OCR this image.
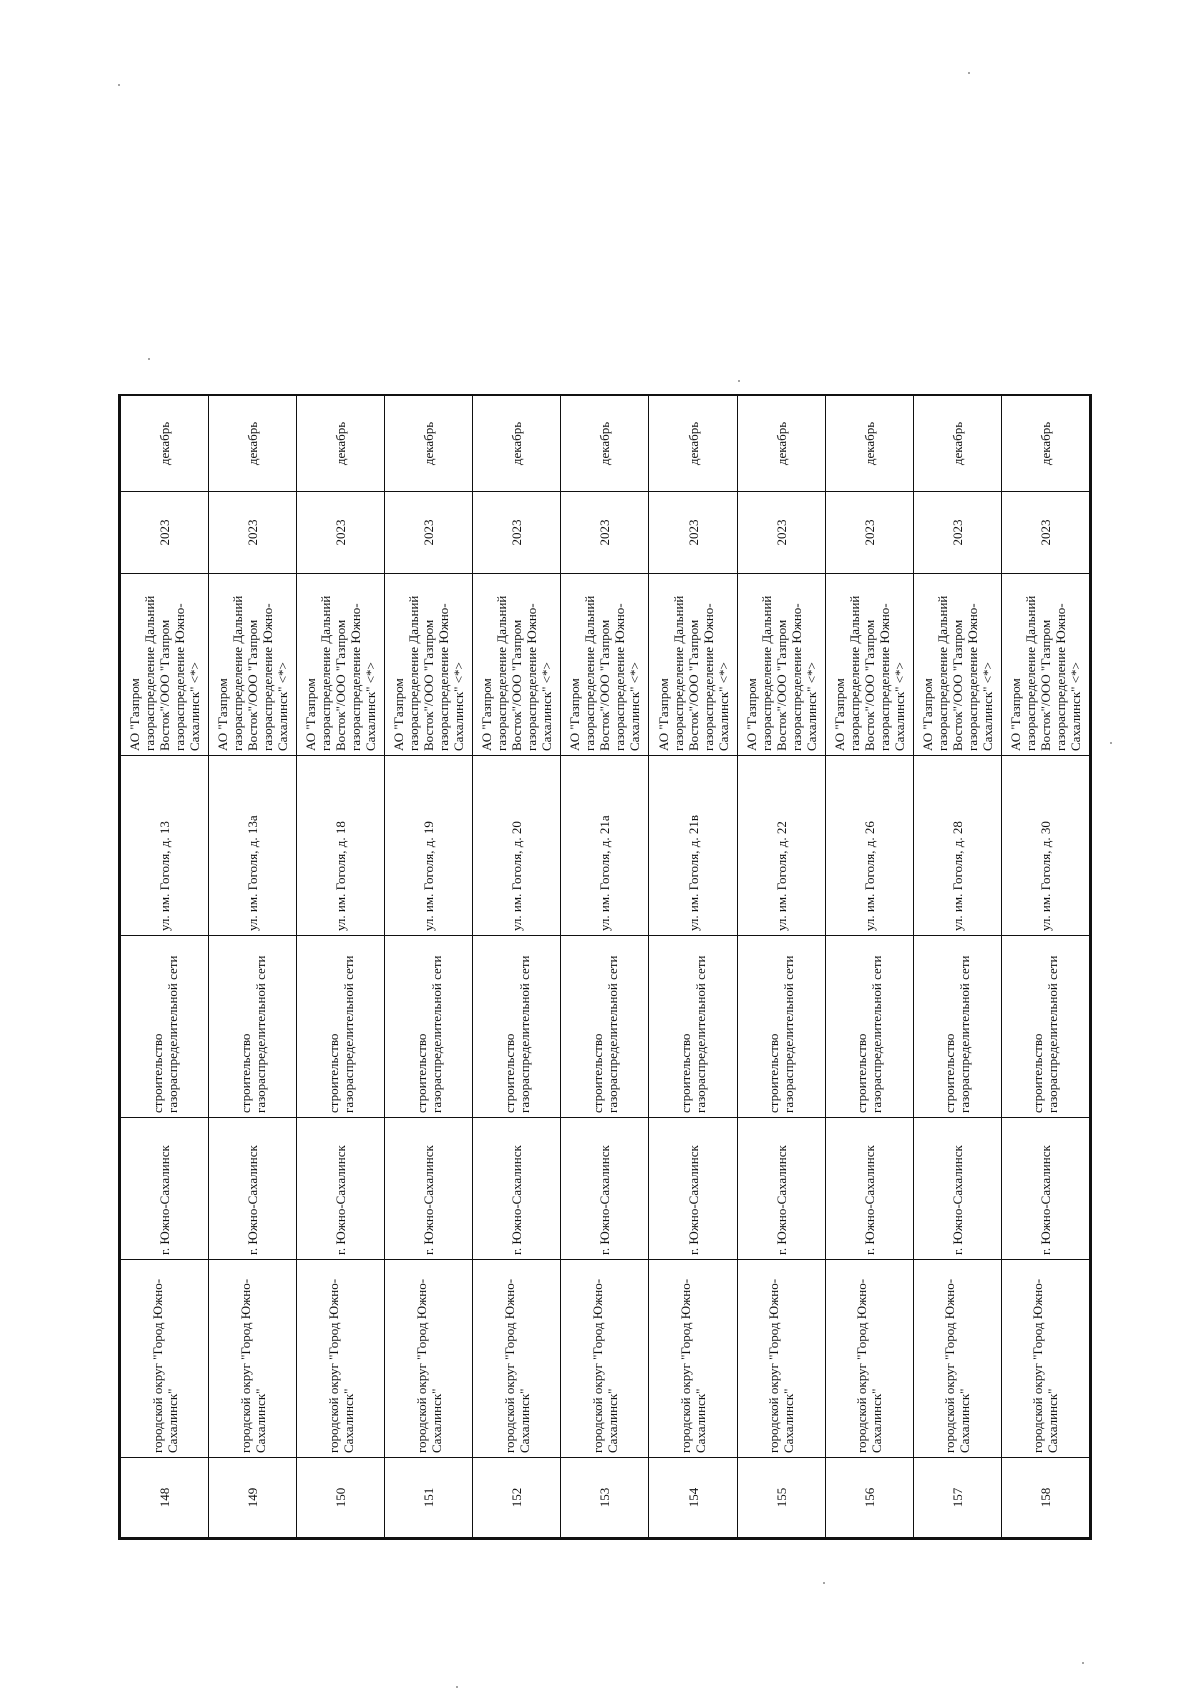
148	городской округ "Город Южно-Сахалинск"	г. Южно-Сахалинск	строительство газораспределительной сети	ул. им. Гоголя, д. 13	АО "Газпром газораспределение Дальний Восток"/ООО "Газпром газораспределение Южно-Сахалинск" <*>	2023	декабрь
149	городской округ "Город Южно-Сахалинск"	г. Южно-Сахалинск	строительство газораспределительной сети	ул. им. Гоголя, д. 13а	АО "Газпром газораспределение Дальний Восток"/ООО "Газпром газораспределение Южно-Сахалинск" <*>	2023	декабрь
150	городской округ "Город Южно-Сахалинск"	г. Южно-Сахалинск	строительство газораспределительной сети	ул. им. Гоголя, д. 18	АО "Газпром газораспределение Дальний Восток"/ООО "Газпром газораспределение Южно-Сахалинск" <*>	2023	декабрь
151	городской округ "Город Южно-Сахалинск"	г. Южно-Сахалинск	строительство газораспределительной сети	ул. им. Гоголя, д. 19	АО "Газпром газораспределение Дальний Восток"/ООО "Газпром газораспределение Южно-Сахалинск" <*>	2023	декабрь
152	городской округ "Город Южно-Сахалинск"	г. Южно-Сахалинск	строительство газораспределительной сети	ул. им. Гоголя, д. 20	АО "Газпром газораспределение Дальний Восток"/ООО "Газпром газораспределение Южно-Сахалинск" <*>	2023	декабрь
153	городской округ "Город Южно-Сахалинск"	г. Южно-Сахалинск	строительство газораспределительной сети	ул. им. Гоголя, д. 21а	АО "Газпром газораспределение Дальний Восток"/ООО "Газпром газораспределение Южно-Сахалинск" <*>	2023	декабрь
154	городской округ "Город Южно-Сахалинск"	г. Южно-Сахалинск	строительство газораспределительной сети	ул. им. Гоголя, д. 21в	АО "Газпром газораспределение Дальний Восток"/ООО "Газпром газораспределение Южно-Сахалинск" <*>	2023	декабрь
155	городской округ "Город Южно-Сахалинск"	г. Южно-Сахалинск	строительство газораспределительной сети	ул. им. Гоголя, д. 22	АО "Газпром газораспределение Дальний Восток"/ООО "Газпром газораспределение Южно-Сахалинск" <*>	2023	декабрь
156	городской округ "Город Южно-Сахалинск"	г. Южно-Сахалинск	строительство газораспределительной сети	ул. им. Гоголя, д. 26	АО "Газпром газораспределение Дальний Восток"/ООО "Газпром газораспределение Южно-Сахалинск" <*>	2023	декабрь
157	городской округ "Город Южно-Сахалинск"	г. Южно-Сахалинск	строительство газораспределительной сети	ул. им. Гоголя, д. 28	АО "Газпром газораспределение Дальний Восток"/ООО "Газпром газораспределение Южно-Сахалинск" <*>	2023	декабрь
158	городской округ "Город Южно-Сахалинск"	г. Южно-Сахалинск	строительство газораспределительной сети	ул. им. Гоголя, д. 30	АО "Газпром газораспределение Дальний Восток"/ООО "Газпром газораспределение Южно-Сахалинск" <*>	2023	декабрь
